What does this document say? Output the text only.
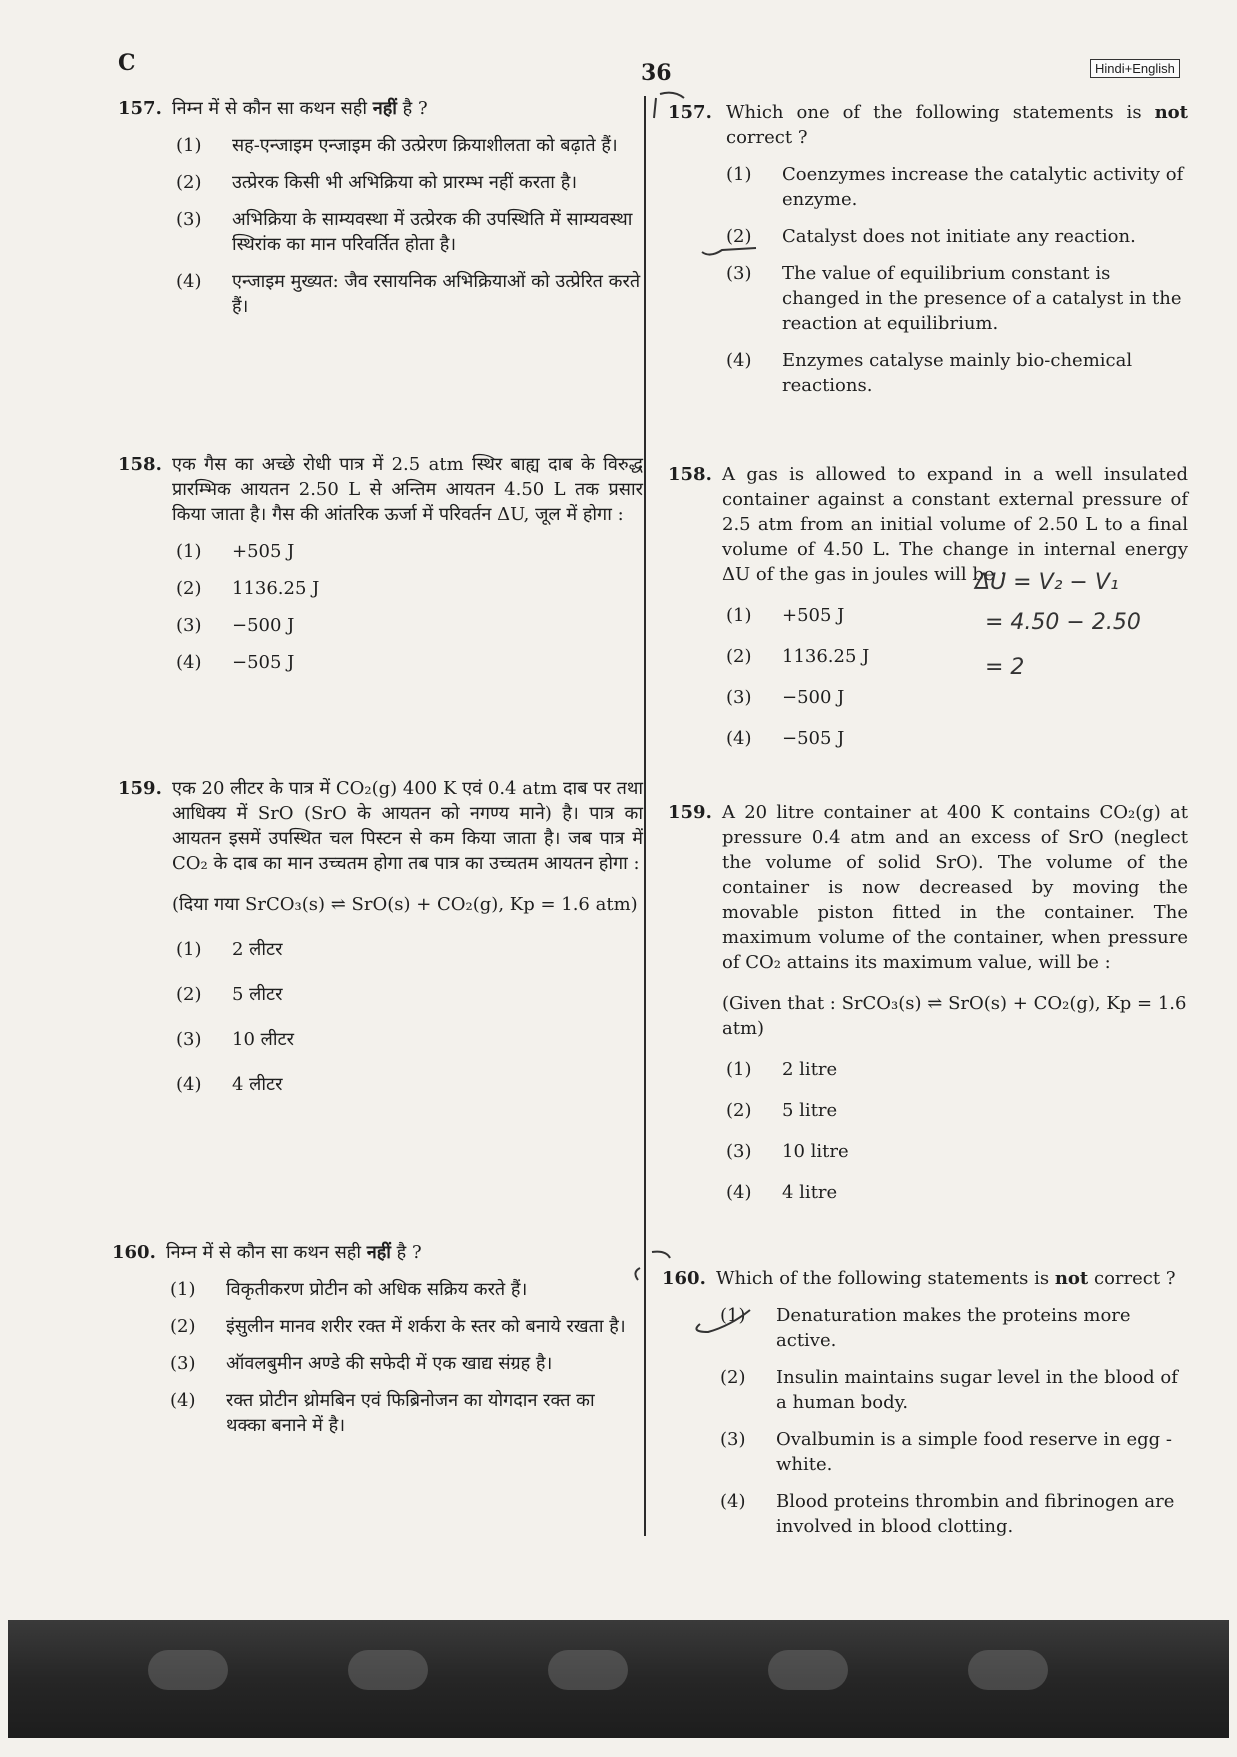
C	36	Hindi+English
157. निम्न में से कौन सा कथन सही नहीं है ?
(1)	सह-एन्जाइम एन्जाइम की उत्प्रेरण क्रियाशीलता को बढ़ाते हैं।
(2)	उत्प्रेरक किसी भी अभिक्रिया को प्रारम्भ नहीं करता है।
(3)	अभिक्रिया के साम्यवस्था में उत्प्रेरक की उपस्थिति में साम्यवस्था स्थिरांक का मान परिवर्तित होता है।
(4)	एन्जाइम मुख्यत: जैव रसायनिक अभिक्रियाओं को उत्प्रेरित करते हैं।
158. एक गैस का अच्छे रोधी पात्र में 2.5 atm स्थिर बाह्य दाब के विरुद्ध प्रारम्भिक आयतन 2.50 L से अन्तिम आयतन 4.50 L तक प्रसार किया जाता है। गैस की आंतरिक ऊर्जा में परिवर्तन ΔU, जूल में होगा :
(1)	+505 J
(2)	1136.25 J
(3)	−500 J
(4)	−505 J
159. एक 20 लीटर के पात्र में CO₂(g) 400 K एवं 0.4 atm दाब पर तथा आधिक्य में SrO (SrO के आयतन को नगण्य माने) है। पात्र का आयतन इसमें उपस्थित चल पिस्टन से कम किया जाता है। जब पात्र में CO₂ के दाब का मान उच्चतम होगा तब पात्र का उच्चतम आयतन होगा :
(दिया गया SrCO₃(s) ⇌ SrO(s) + CO₂(g), Kp = 1.6 atm)
(1)	2 लीटर
(2)	5 लीटर
(3)	10 लीटर
(4)	4 लीटर
160. निम्न में से कौन सा कथन सही नहीं है ?
(1)	विकृतीकरण प्रोटीन को अधिक सक्रिय करते हैं।
(2)	इंसुलीन मानव शरीर रक्त में शर्करा के स्तर को बनाये रखता है।
(3)	ऑवलबुमीन अण्डे की सफेदी में एक खाद्य संग्रह है।
(4)	रक्त प्रोटीन थ्रोमबिन एवं फिब्रिनोजन का योगदान रक्त का थक्का बनाने में है।
Which one of the following statements is not correct ?
157.
(1)	Coenzymes increase the catalytic activity of enzyme.
(2)	Catalyst does not initiate any reaction.
(3)	The value of equilibrium constant is changed in the presence of a catalyst in the reaction at equilibrium.
(4)	Enzymes catalyse mainly bio-chemical reactions.
158. A gas is allowed to expand in a well insulated container against a constant external pressure of 2.5 atm from an initial volume of 2.50 L to a final volume of 4.50 L. The change in internal energy ΔU of the gas in joules will be :
(1)	+505 J
(2)	1136.25 J
(3)	−500 J
(4)	−505 J
159. A 20 litre container at 400 K contains CO₂(g) at pressure 0.4 atm and an excess of SrO (neglect the volume of solid SrO). The volume of the container is now decreased by moving the movable piston fitted in the container. The maximum volume of the container, when pressure of CO₂ attains its maximum value, will be :
(Given that : SrCO₃(s) ⇌ SrO(s) + CO₂(g), Kp = 1.6 atm)
(1)	2 litre
(2)	5 litre
(3)	10 litre
(4)	4 litre
160. Which of the following statements is not correct ?
(1)	Denaturation makes the proteins more active.
(2)	Insulin maintains sugar level in the blood of a human body.
(3)	Ovalbumin is a simple food reserve in egg - white.
(4)	Blood proteins thrombin and fibrinogen are involved in blood clotting.
ΔU = V₂ − V₁
= 4.50 − 2.50
= 2
